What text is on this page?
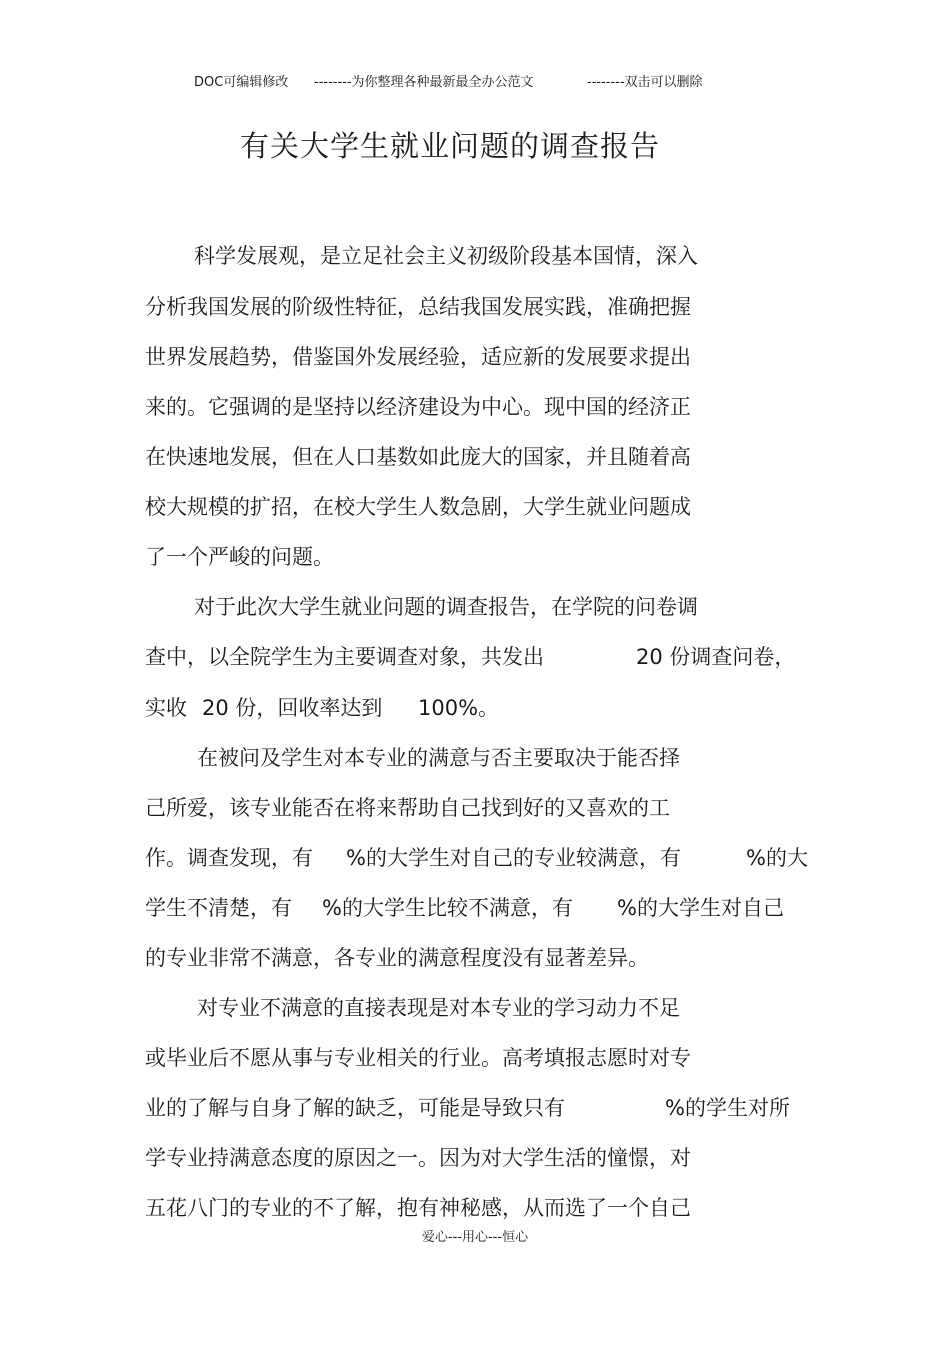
DOC可编辑修改 --------为你整理各种最新最全办公范文	--------双击可以删除
有关大学生就业问题的调查报告
科学发展观，是立足社会主义初级阶段基本国情，深入
分析我国发展的阶级性特征，总结我国发展实践，准确把握
世界发展趋势，借鉴国外发展经验，适应新的发展要求提出
来的。它强调的是坚持以经济建设为中心。现中国的经济正
在快速地发展，但在人口基数如此庞大的国家，并且随着高
校大规模的扩招，在校大学生人数急剧，大学生就业问题成
了一个严峻的问题。
对于此次大学生就业问题的调查报告，在学院的问卷调
查中，以全院学生为主要调查对象，共发出	20 份调查问卷，
实收 20 份，回收率达到 100%。
在被问及学生对本专业的满意与否主要取决于能否择
己所爱，该专业能否在将来帮助自己找到好的又喜欢的工
作。调查发现，有 %的大学生对自己的专业较满意，有	%的大
学生不清楚，有 %的大学生比较不满意，有 %的大学生对自己
的专业非常不满意，各专业的满意程度没有显著差异。
对专业不满意的直接表现是对本专业的学习动力不足
或毕业后不愿从事与专业相关的行业。高考填报志愿时对专
业的了解与自身了解的缺乏，可能是导致只有	%的学生对所
学专业持满意态度的原因之一。因为对大学生活的憧憬，对
五花八门的专业的不了解，抱有神秘感，从而选了一个自己
爱心---用心---恒心
